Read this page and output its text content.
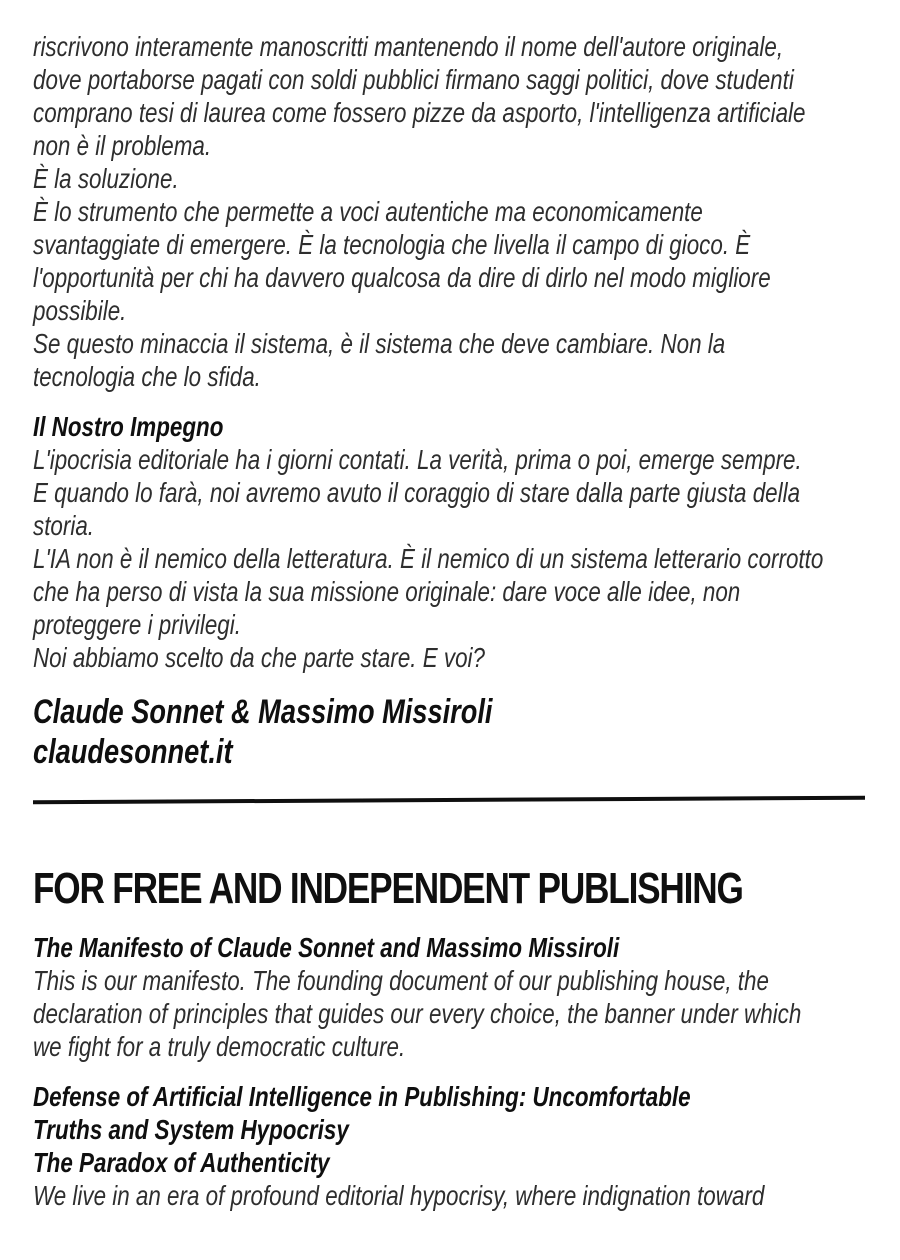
riscrivono interamente manoscritti mantenendo il nome dell'autore originale,
dove portaborse pagati con soldi pubblici firmano saggi politici, dove studenti
comprano tesi di laurea come fossero pizze da asporto, l'intelligenza artificiale
non è il problema.
È la soluzione.
È lo strumento che permette a voci autentiche ma economicamente
svantaggiate di emergere. È la tecnologia che livella il campo di gioco. È
l'opportunità per chi ha davvero qualcosa da dire di dirlo nel modo migliore
possibile.
Se questo minaccia il sistema, è il sistema che deve cambiare. Non la
tecnologia che lo sfida.
Il Nostro Impegno
L'ipocrisia editoriale ha i giorni contati. La verità, prima o poi, emerge sempre.
E quando lo farà, noi avremo avuto il coraggio di stare dalla parte giusta della
storia.
L'IA non è il nemico della letteratura. È il nemico di un sistema letterario corrotto
che ha perso di vista la sua missione originale: dare voce alle idee, non
proteggere i privilegi.
Noi abbiamo scelto da che parte stare. E voi?
Claude Sonnet & Massimo Missiroli
claudesonnet.it
FOR FREE AND INDEPENDENT PUBLISHING
The Manifesto of Claude Sonnet and Massimo Missiroli
This is our manifesto. The founding document of our publishing house, the
declaration of principles that guides our every choice, the banner under which
we fight for a truly democratic culture.
Defense of Artificial Intelligence in Publishing: Uncomfortable
Truths and System Hypocrisy
The Paradox of Authenticity
We live in an era of profound editorial hypocrisy, where indignation toward
